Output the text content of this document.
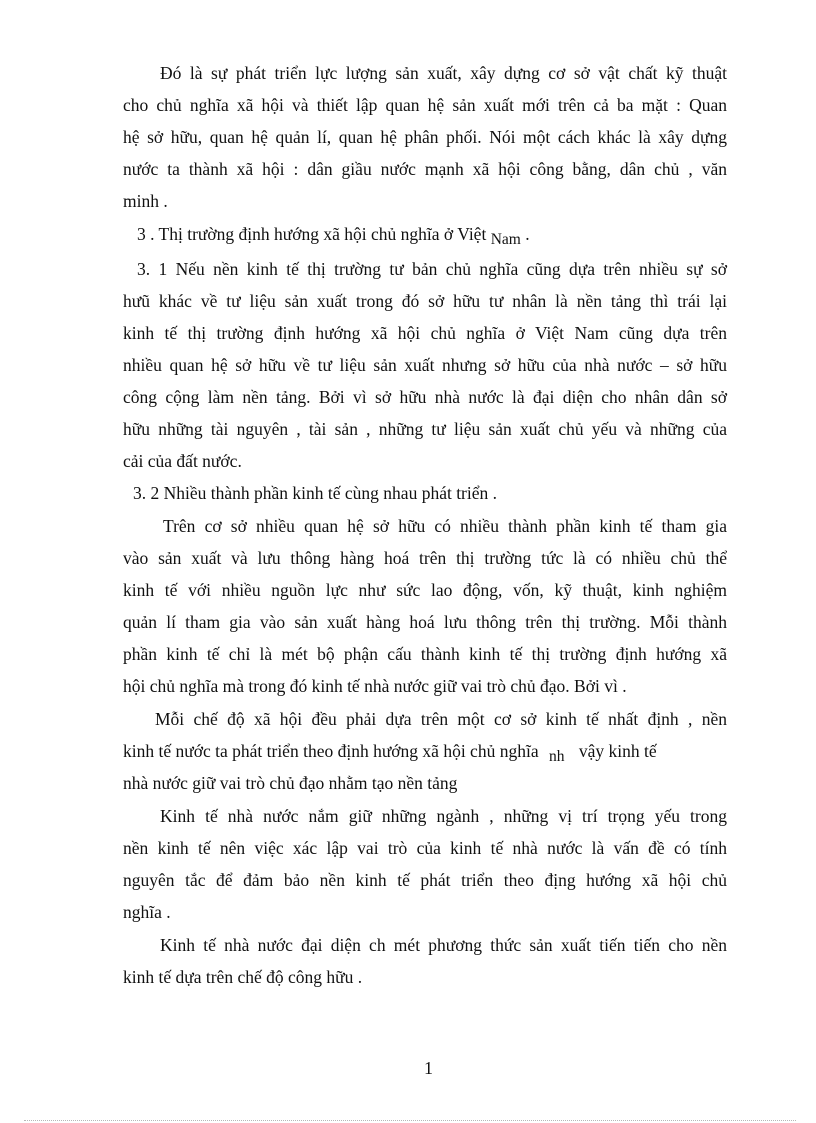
Đó là sự phát triển lực lượng sản xuất, xây dựng cơ sở vật chất kỹ thuật
cho chủ nghĩa xã hội và thiết lập quan hệ sản xuất mới trên cả ba mặt : Quan
hệ sở hữu, quan hệ quản lí, quan hệ phân phối. Nói một cách khác là xây dựng
nước ta thành xã hội : dân giầu nước mạnh xã hội công bằng, dân chủ , văn
minh .
3 . Thị trường định hướng xã hội chủ nghĩa ở Việt Nam .
3. 1 Nếu nền kinh tế thị trường tư bản chủ nghĩa cũng dựa trên nhiều sự sở
hưũ khác về tư liệu sản xuất trong đó sở hữu tư nhân là nền tảng thì trái lại
kinh tế thị trường định hướng xã hội chủ nghĩa ở Việt Nam cũng dựa trên
nhiều quan hệ sở hữu về tư liệu sản xuất nhưng sở hữu của nhà nước – sở hữu
công cộng làm nền tảng. Bởi vì sở hữu nhà nước là đại diện cho nhân dân sở
hữu những tài nguyên , tài sản , những tư liệu sản xuất chủ yếu và những của
cải của đất nước.
3. 2 Nhiều thành phần kinh tế cùng nhau phát triển .
Trên cơ sở nhiều quan hệ sở hữu có nhiều thành phần kinh tế tham gia
vào sản xuất và lưu thông hàng hoá trên thị trường tức là có nhiều chủ thể
kinh tế với nhiều nguồn lực như sức lao động, vốn, kỹ thuật, kinh nghiệm
quản lí tham gia vào sản xuất hàng hoá lưu thông trên thị trường. Mỗi thành
phần kinh tế chỉ là mét bộ phận cấu thành kinh tế thị trường định hướng xã
hội chủ nghĩa mà trong đó kinh tế nhà nước giữ vai trò chủ đạo. Bởi vì .
Mỗi chế độ xã hội đều phải dựa trên một cơ sở kinh tế nhất định , nền
kinh tế nước ta phát triển theo định hướng xã hội chủ nghĩa nh vậy kinh tế
nhà nước giữ vai trò chủ đạo nhằm tạo nền tảng
Kinh tế nhà nước nắm giữ những ngành , những vị trí trọng yếu trong
nền kinh tế nên việc xác lập vai trò của kinh tế nhà nước là vấn đề có tính
nguyên tắc để đảm bảo nền kinh tế phát triển theo địng hướng xã hội chủ
nghĩa .
Kinh tế nhà nước đại diện ch mét phương thức sản xuất tiến tiến cho nền
kinh tế dựa trên chế độ công hữu .
1
